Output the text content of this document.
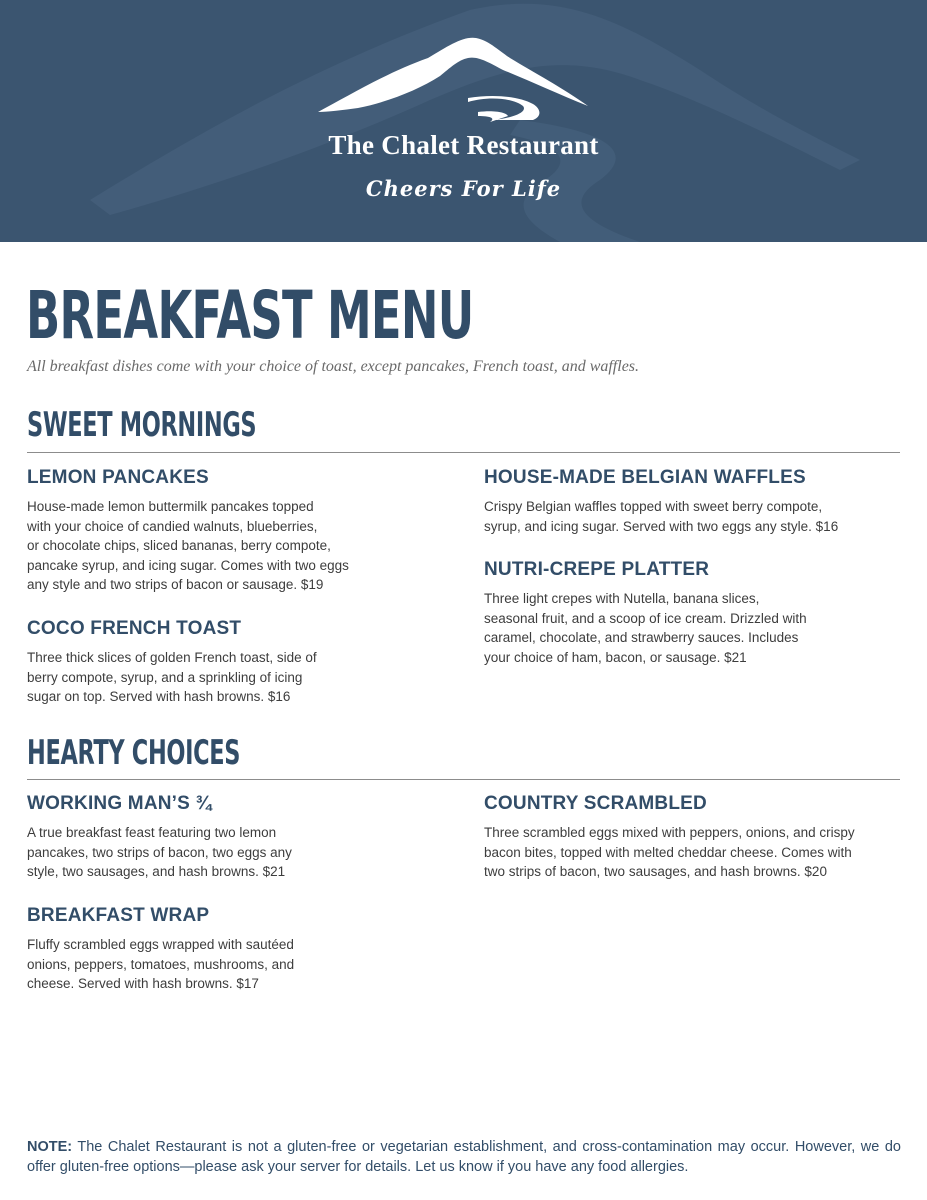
The Chalet Restaurant
Cheers For Life
BREAKFAST MENU
All breakfast dishes come with your choice of toast, except pancakes, French toast, and waffles.
SWEET MORNINGS
LEMON PANCAKES
House-made lemon buttermilk pancakes topped
with your choice of candied walnuts, blueberries,
or chocolate chips, sliced bananas, berry compote,
pancake syrup, and icing sugar. Comes with two eggs
any style and two strips of bacon or sausage. $19
HOUSE-MADE BELGIAN WAFFLES
Crispy Belgian waffles topped with sweet berry compote,
syrup, and icing sugar. Served with two eggs any style. $16
COCO FRENCH TOAST
Three thick slices of golden French toast, side of
berry compote, syrup, and a sprinkling of icing
sugar on top. Served with hash browns. $16
NUTRI-CREPE PLATTER
Three light crepes with Nutella, banana slices,
seasonal fruit, and a scoop of ice cream. Drizzled with
caramel, chocolate, and strawberry sauces. Includes
your choice of ham, bacon, or sausage. $21
HEARTY CHOICES
WORKING MAN’S ¾
A true breakfast feast featuring two lemon
pancakes, two strips of bacon, two eggs any
style, two sausages, and hash browns. $21
COUNTRY SCRAMBLED
Three scrambled eggs mixed with peppers, onions, and crispy
bacon bites, topped with melted cheddar cheese. Comes with
two strips of bacon, two sausages, and hash browns. $20
BREAKFAST WRAP
Fluffy scrambled eggs wrapped with sautéed
onions, peppers, tomatoes, mushrooms, and
cheese. Served with hash browns. $17
NOTE: The Chalet Restaurant is not a gluten-free or vegetarian establishment, and cross-contamination may occur. However, we do offer gluten-free options—please ask your server for details. Let us know if you have any food allergies.
